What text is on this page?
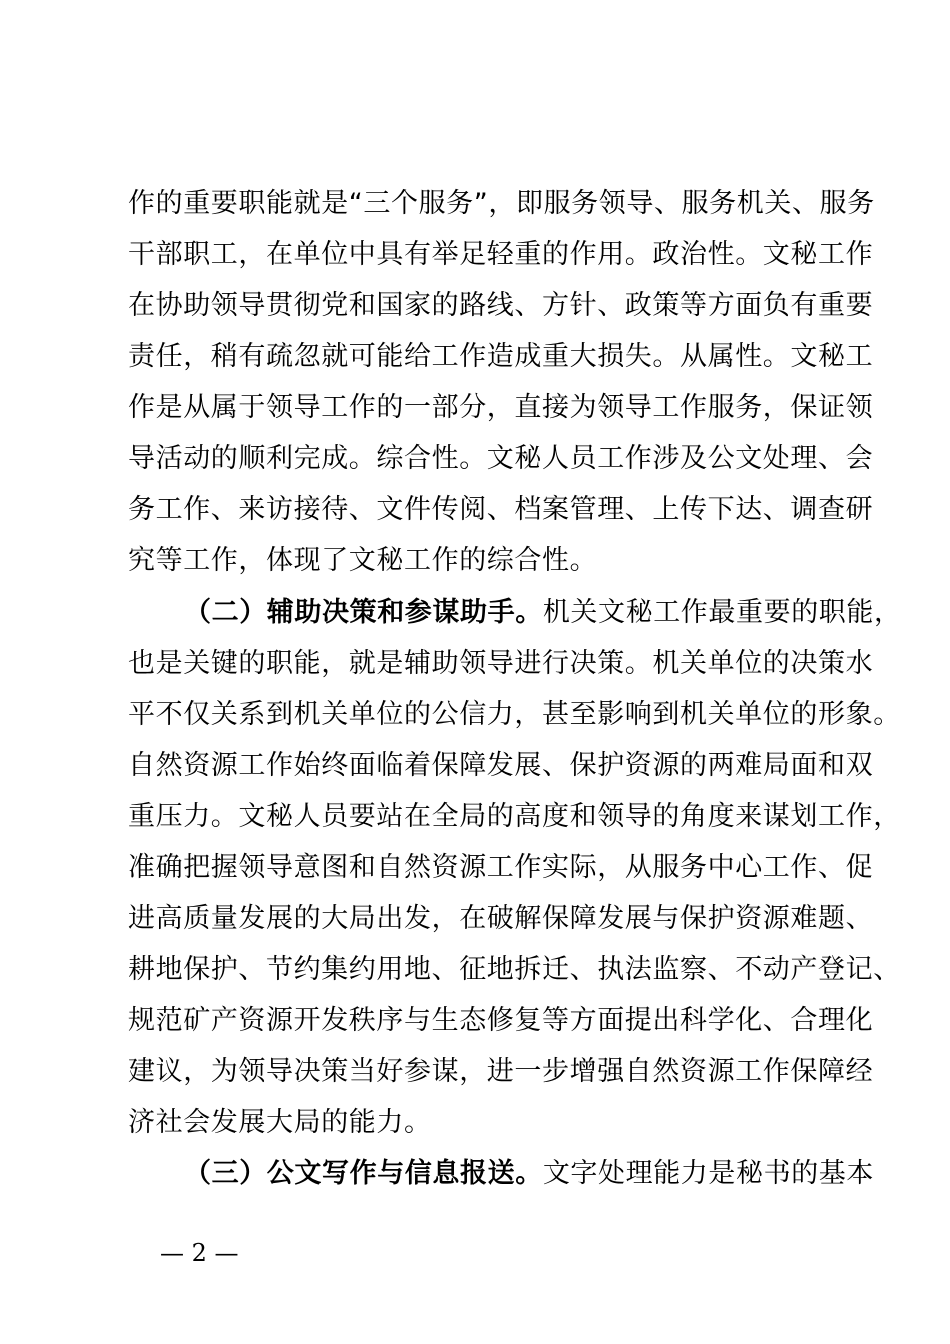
作的重要职能就是“三个服务”，即服务领导、服务机关、服务
干部职工，在单位中具有举足轻重的作用。政治性。文秘工作
在协助领导贯彻党和国家的路线、方针、政策等方面负有重要
责任，稍有疏忽就可能给工作造成重大损失。从属性。文秘工
作是从属于领导工作的一部分，直接为领导工作服务，保证领
导活动的顺利完成。综合性。文秘人员工作涉及公文处理、会
务工作、来访接待、文件传阅、档案管理、上传下达、调查研
究等工作，体现了文秘工作的综合性。
（二）辅助决策和参谋助手。机关文秘工作最重要的职能，
也是关键的职能，就是辅助领导进行决策。机关单位的决策水
平不仅关系到机关单位的公信力，甚至影响到机关单位的形象。
自然资源工作始终面临着保障发展、保护资源的两难局面和双
重压力。文秘人员要站在全局的高度和领导的角度来谋划工作，
准确把握领导意图和自然资源工作实际，从服务中心工作、促
进高质量发展的大局出发，在破解保障发展与保护资源难题、
耕地保护、节约集约用地、征地拆迁、执法监察、不动产登记、
规范矿产资源开发秩序与生态修复等方面提出科学化、合理化
建议，为领导决策当好参谋，进一步增强自然资源工作保障经
济社会发展大局的能力。
（三）公文写作与信息报送。文字处理能力是秘书的基本
— 2 —
